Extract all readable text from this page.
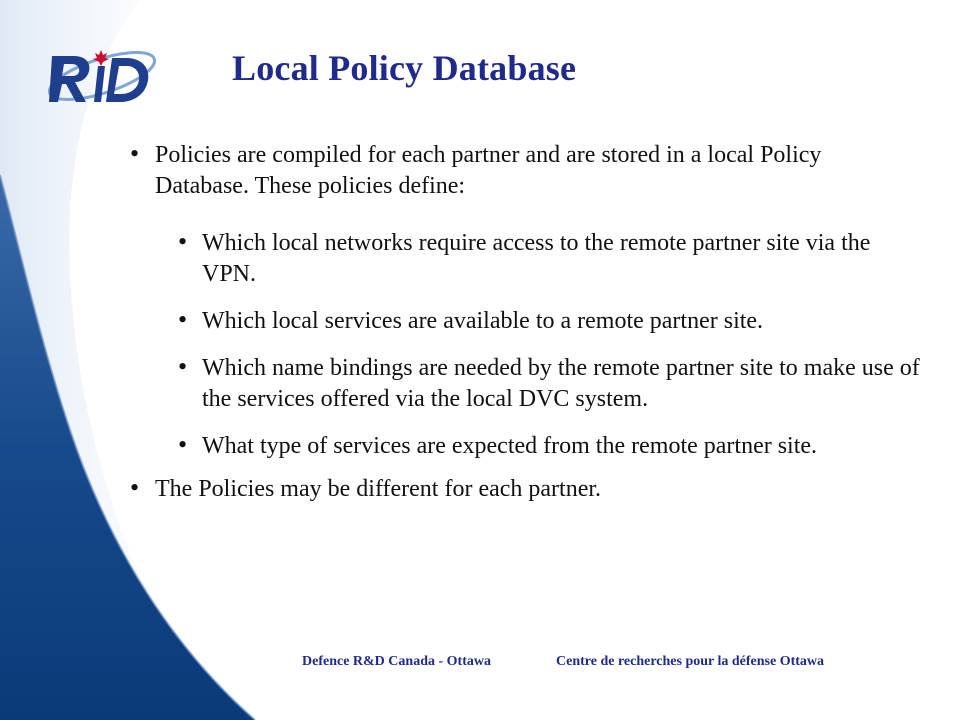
Local Policy Database
• Policies are compiled for each partner and are stored in a local Policy Database. These policies define:
• Which local networks require access to the remote partner site via the VPN.
• Which local services are available to a remote partner site.
• Which name bindings are needed by the remote partner site to make use of the services offered via the local DVC system.
• What type of services are expected from the remote partner site.
• The Policies may be different for each partner.
Defence R&D Canada - Ottawa	Centre de recherches pour la défense Ottawa
